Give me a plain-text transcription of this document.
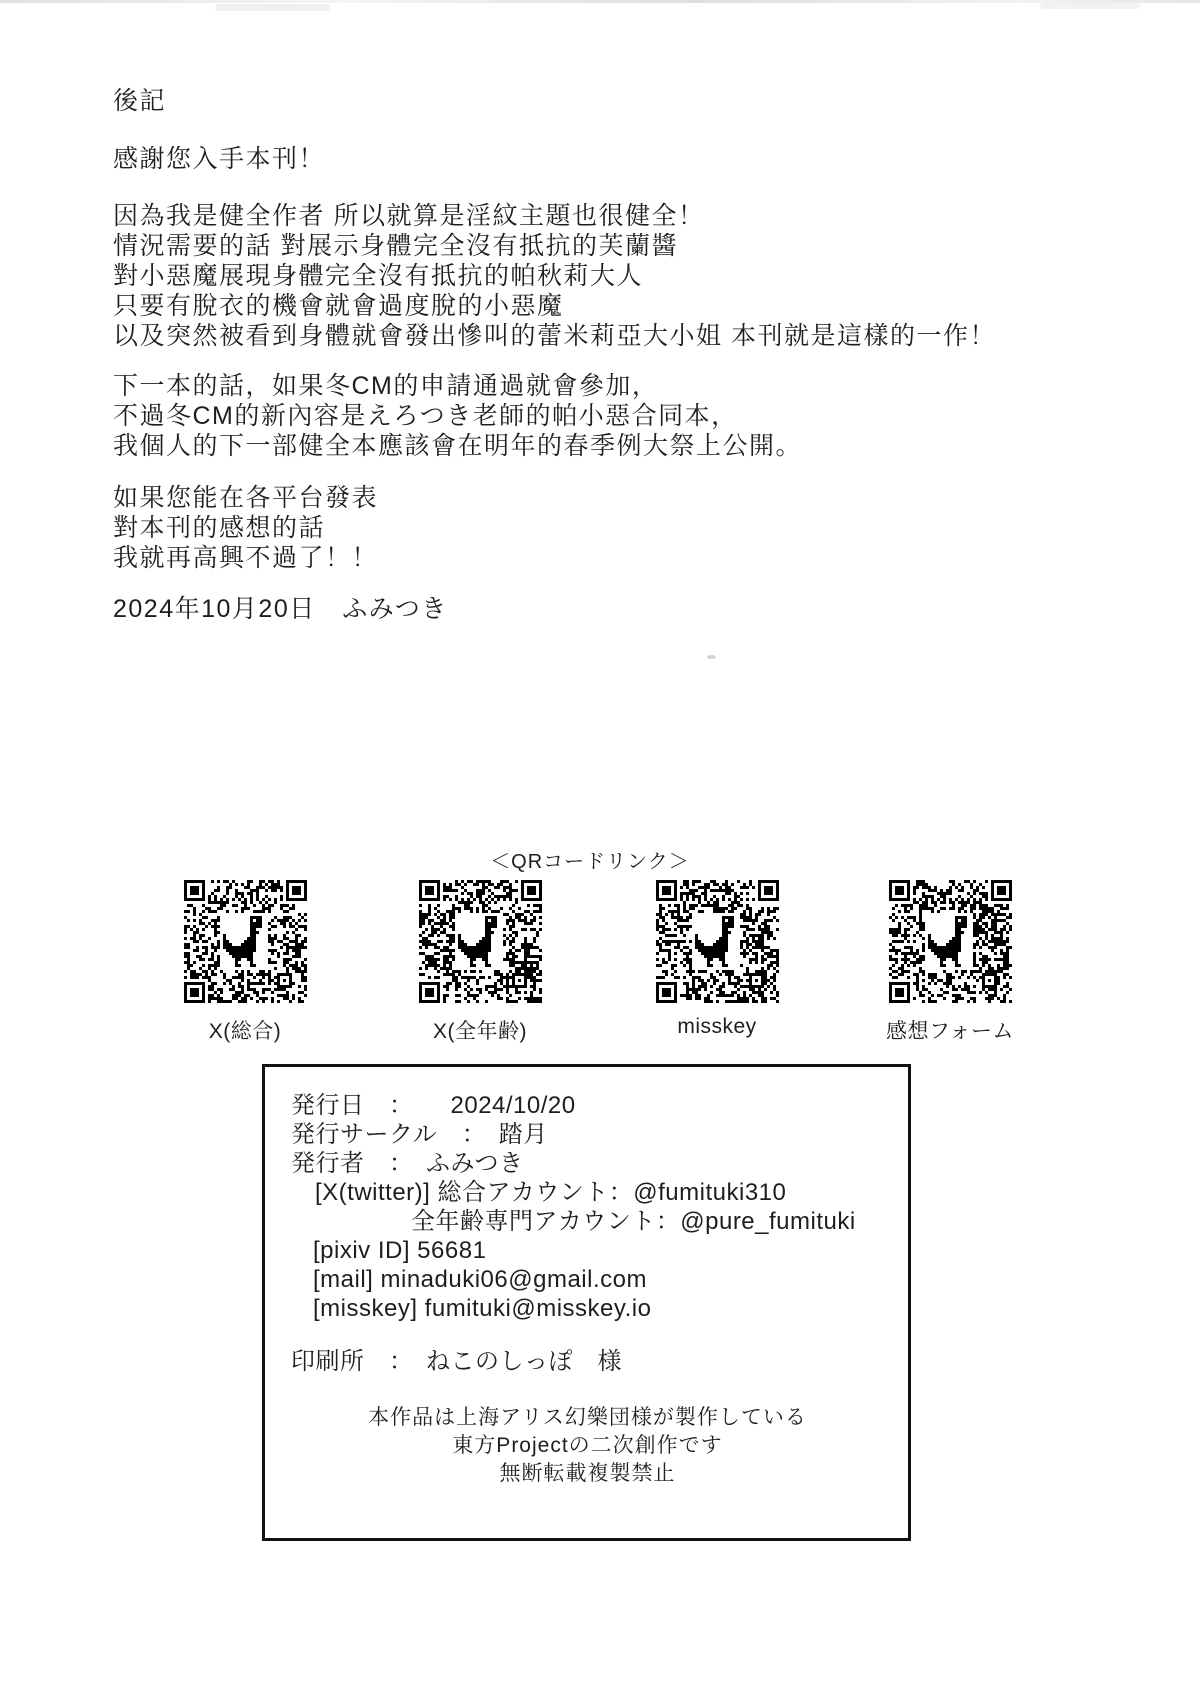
後記
感謝您入手本刊！
因為我是健全作者 所以就算是淫紋主題也很健全！
情況需要的話 對展示身體完全沒有抵抗的芙蘭醬
對小惡魔展現身體完全沒有抵抗的帕秋莉大人
只要有脫衣的機會就會過度脫的小惡魔
以及突然被看到身體就會發出慘叫的蕾米莉亞大小姐 本刊就是這樣的一作！
下一本的話，如果冬CM的申請通過就會參加，
不過冬CM的新內容是えろつき老師的帕小惡合同本，
我個人的下一部健全本應該會在明年的春季例大祭上公開。
如果您能在各平台發表
對本刊的感想的話
我就再高興不過了！！
2024年10月20日　ふみつき
＜QRコードリンク＞
X(総合)	X(全年齢)	misskey	感想フォーム
発行日　：　　2024/10/20
発行サークル　：　踏月
発行者　：　ふみつき
[X(twitter)] 総合アカウント：@fumituki310
全年齢専門アカウント：@pure_fumituki
[pixiv ID] 56681
[mail] minaduki06@gmail.com
[misskey] fumituki@misskey.io
印刷所　：　ねこのしっぽ　様
本作品は上海アリス幻樂団様が製作している
東方Projectの二次創作です
無断転載複製禁止
